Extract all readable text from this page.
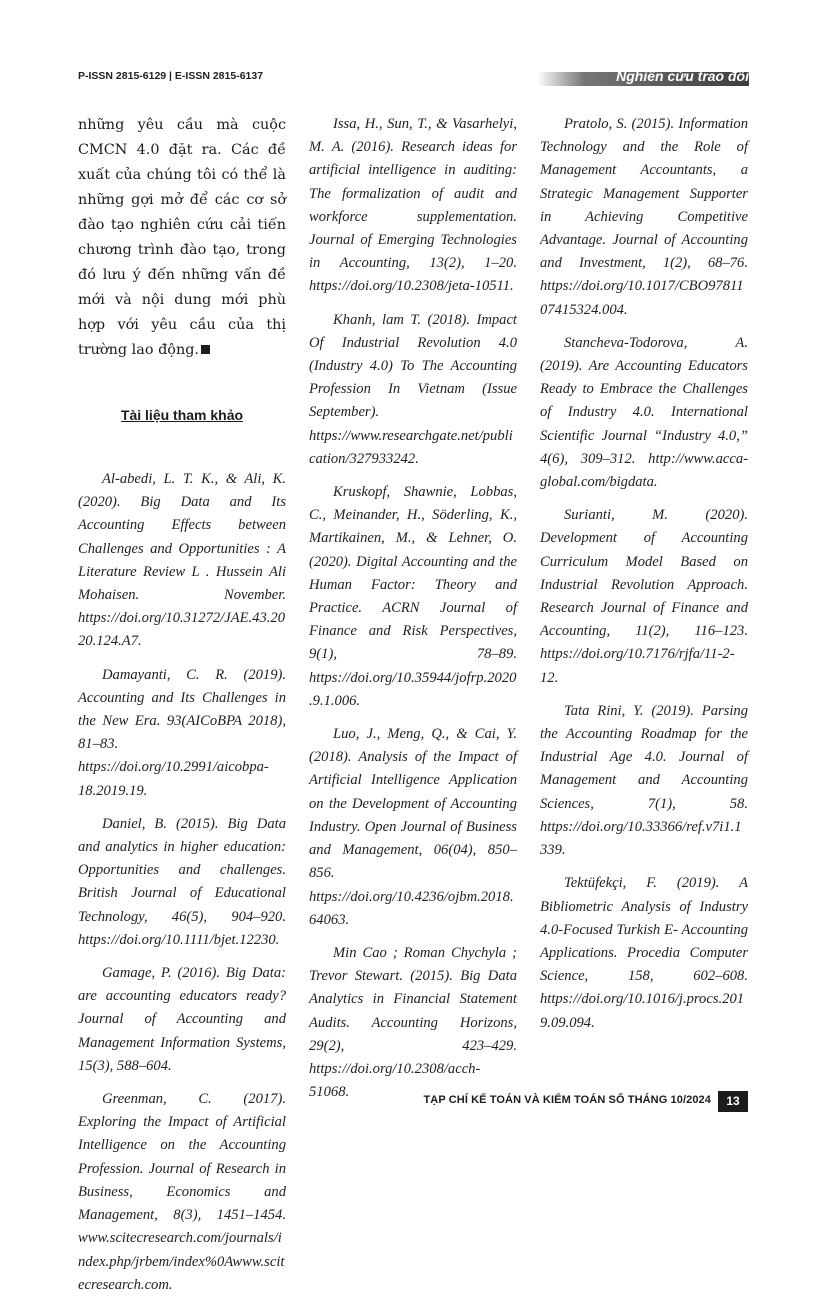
P-ISSN 2815-6129 | E-ISSN 2815-6137	Nghiên cứu trao đổi

những yêu cầu mà cuộc CMCN 4.0 đặt ra. Các đề xuất của chúng tôi có thể là những gợi mở để các cơ sở đào tạo nghiên cứu cải tiến chương trình đào tạo, trong đó lưu ý đến những vấn đề mới và nội dung mới phù hợp với yêu cầu của thị trường lao động.

Tài liệu tham khảo

Al-abedi, L. T. K., & Ali, K. (2020). Big Data and Its Accounting Effects between Challenges and Opportunities : A Literature Review L . Hussein Ali Mohaisen. November. https://doi.org/10.31272/JAE.43.2020.124.A7.

Damayanti, C. R. (2019). Accounting and Its Challenges in the New Era. 93(AICoBPA 2018), 81–83. https://doi.org/10.2991/aicobpa-18.2019.19.

Daniel, B. (2015). Big Data and analytics in higher education: Opportunities and challenges. British Journal of Educational Technology, 46(5), 904–920. https://doi.org/10.1111/bjet.12230.

Gamage, P. (2016). Big Data: are accounting educators ready? Journal of Accounting and Management Information Systems, 15(3), 588–604.

Greenman, C. (2017). Exploring the Impact of Artificial Intelligence on the Accounting Profession. Journal of Research in Business, Economics and Management, 8(3), 1451–1454. www.scitecresearch.com/journals/index.php/jrbem/index%0Awww.scitecresearch.com.

Issa, H., Sun, T., & Vasarhelyi, M. A. (2016). Research ideas for artificial intelligence in auditing: The formalization of audit and workforce supplementation. Journal of Emerging Technologies in Accounting, 13(2), 1–20. https://doi.org/10.2308/jeta-10511.

Khanh, lam T. (2018). Impact Of Industrial Revolution 4.0 (Industry 4.0) To The Accounting Profession In Vietnam (Issue September). https://www.researchgate.net/publication/327933242.

Kruskopf, Shawnie, Lobbas, C., Meinander, H., Söderling, K., Martikainen, M., & Lehner, O. (2020). Digital Accounting and the Human Factor: Theory and Practice. ACRN Journal of Finance and Risk Perspectives, 9(1), 78–89. https://doi.org/10.35944/jofrp.2020.9.1.006.

Luo, J., Meng, Q., & Cai, Y. (2018). Analysis of the Impact of Artificial Intelligence Application on the Development of Accounting Industry. Open Journal of Business and Management, 06(04), 850–856. https://doi.org/10.4236/ojbm.2018.64063.

Min Cao ; Roman Chychyla ; Trevor Stewart. (2015). Big Data Analytics in Financial Statement Audits. Accounting Horizons, 29(2), 423–429. https://doi.org/10.2308/acch-51068.

Pratolo, S. (2015). Information Technology and the Role of Management Accountants, a Strategic Management Supporter in Achieving Competitive Advantage. Journal of Accounting and Investment, 1(2), 68–76. https://doi.org/10.1017/CBO9781107415324.004.

Stancheva-Todorova, A. (2019). Are Accounting Educators Ready to Embrace the Challenges of Industry 4.0. International Scientific Journal “Industry 4.0,” 4(6), 309–312. http://www.acca-global.com/bigdata.

Surianti, M. (2020). Development of Accounting Curriculum Model Based on Industrial Revolution Approach. Research Journal of Finance and Accounting, 11(2), 116–123. https://doi.org/10.7176/rjfa/11-2-12.

Tata Rini, Y. (2019). Parsing the Accounting Roadmap for the Industrial Age 4.0. Journal of Management and Accounting Sciences, 7(1), 58. https://doi.org/10.33366/ref.v7i1.1339.

Tektüfekçi, F. (2019). A Bibliometric Analysis of Industry 4.0-Focused Turkish E- Accounting Applications. Procedia Computer Science, 158, 602–608. https://doi.org/10.1016/j.procs.2019.09.094.

TẠP CHÍ KẾ TOÁN VÀ KIỂM TOÁN SỐ THÁNG 10/2024	13
